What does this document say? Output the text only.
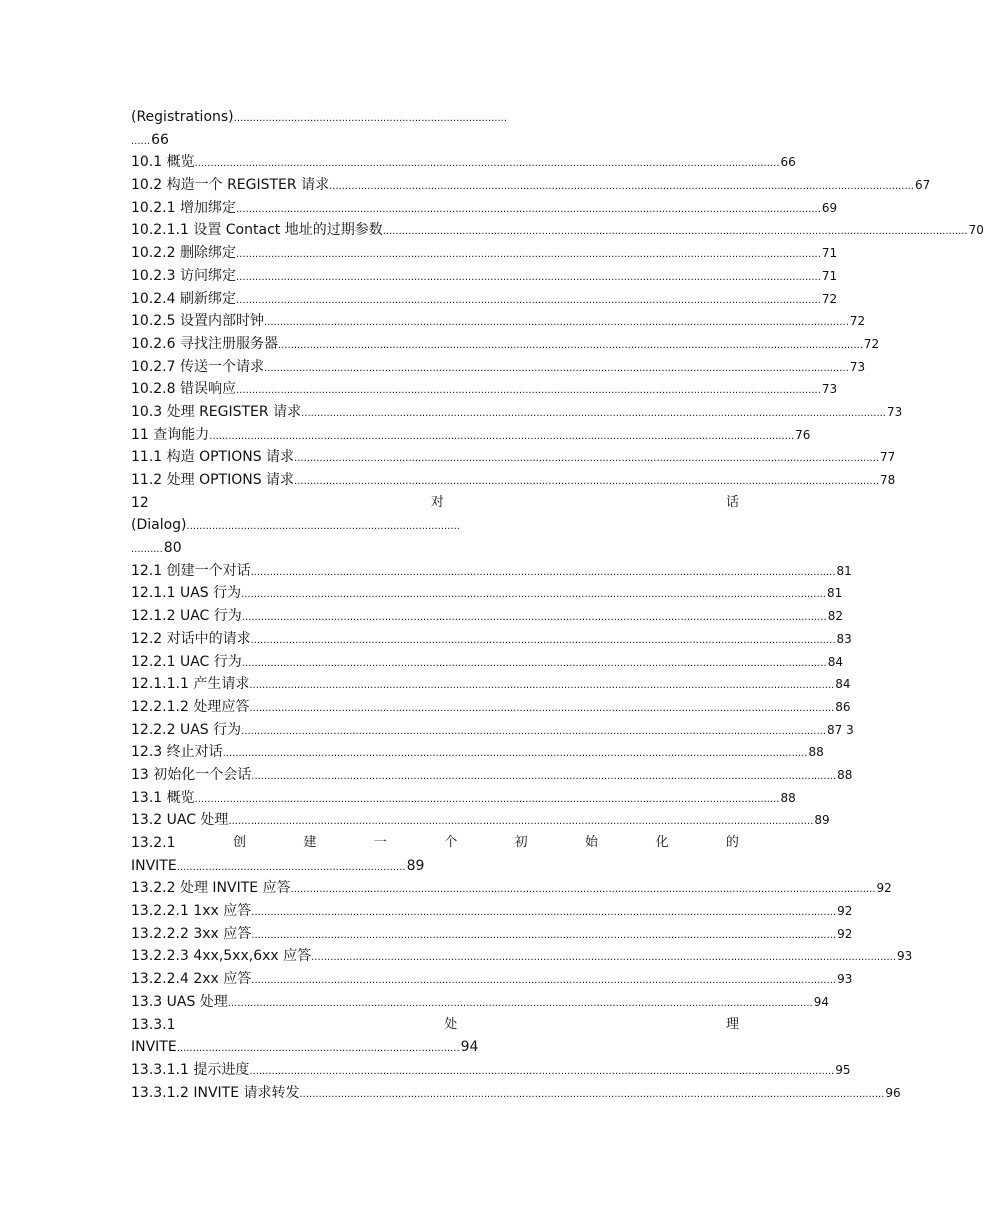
(Registrations) ......................................................................................
...... 66
10.1 概览 ........................................................................................................................................................................................ 66
10.2 构造一个 REGISTER 请求 ........................................................................................................................................................................................ 67
10.2.1 增加绑定 ........................................................................................................................................................................................ 69
10.2.1.1 设置 Contact 地址的过期参数 ........................................................................................................................................................................................ 70
10.2.2 删除绑定 ........................................................................................................................................................................................ 71
10.2.3 访问绑定 ........................................................................................................................................................................................ 71
10.2.4 刷新绑定 ........................................................................................................................................................................................ 72
10.2.5 设置内部时钟 ........................................................................................................................................................................................ 72
10.2.6 寻找注册服务器 ........................................................................................................................................................................................ 72
10.2.7 传送一个请求 ........................................................................................................................................................................................ 73
10.2.8 错误响应 ........................................................................................................................................................................................ 73
10.3 处理 REGISTER 请求 ........................................................................................................................................................................................ 73
11 查询能力 ........................................................................................................................................................................................ 76
11.1 构造 OPTIONS 请求 ........................................................................................................................................................................................ 77
11.2 处理 OPTIONS 请求 ........................................................................................................................................................................................ 78
12	对	话
(Dialog) ......................................................................................
.......... 80
12.1 创建一个对话 ........................................................................................................................................................................................ 81
12.1.1 UAS 行为 ........................................................................................................................................................................................ 81
12.1.2 UAC 行为 ........................................................................................................................................................................................ 82
12.2 对话中的请求 ........................................................................................................................................................................................ 83
12.2.1 UAC 行为 ........................................................................................................................................................................................ 84
12.1.1.1 产生请求 ........................................................................................................................................................................................ 84
12.2.1.2 处理应答 ........................................................................................................................................................................................ 86
12.2.2 UAS 行为 ........................................................................................................................................................................................ 87 3
12.3 终止对话 ........................................................................................................................................................................................ 88
13 初始化一个会话 ........................................................................................................................................................................................ 88
13.1 概览 ........................................................................................................................................................................................ 88
13.2 UAC 处理 ........................................................................................................................................................................................ 89
13.2.1	创	建	一	个	初	始	化	的
INVITE ........................................................................ 89
13.2.2 处理 INVITE 应答 ........................................................................................................................................................................................ 92
13.2.2.1 1xx 应答 ........................................................................................................................................................................................ 92
13.2.2.2 3xx 应答 ........................................................................................................................................................................................ 92
13.2.2.3 4xx,5xx,6xx 应答 ........................................................................................................................................................................................ 93
13.2.2.4 2xx 应答 ........................................................................................................................................................................................ 93
13.3 UAS 处理 ........................................................................................................................................................................................ 94
13.3.1	处	理
INVITE ......................................................................................... 94
13.3.1.1 提示进度 ........................................................................................................................................................................................ 95
13.3.1.2 INVITE 请求转发 ........................................................................................................................................................................................ 96
